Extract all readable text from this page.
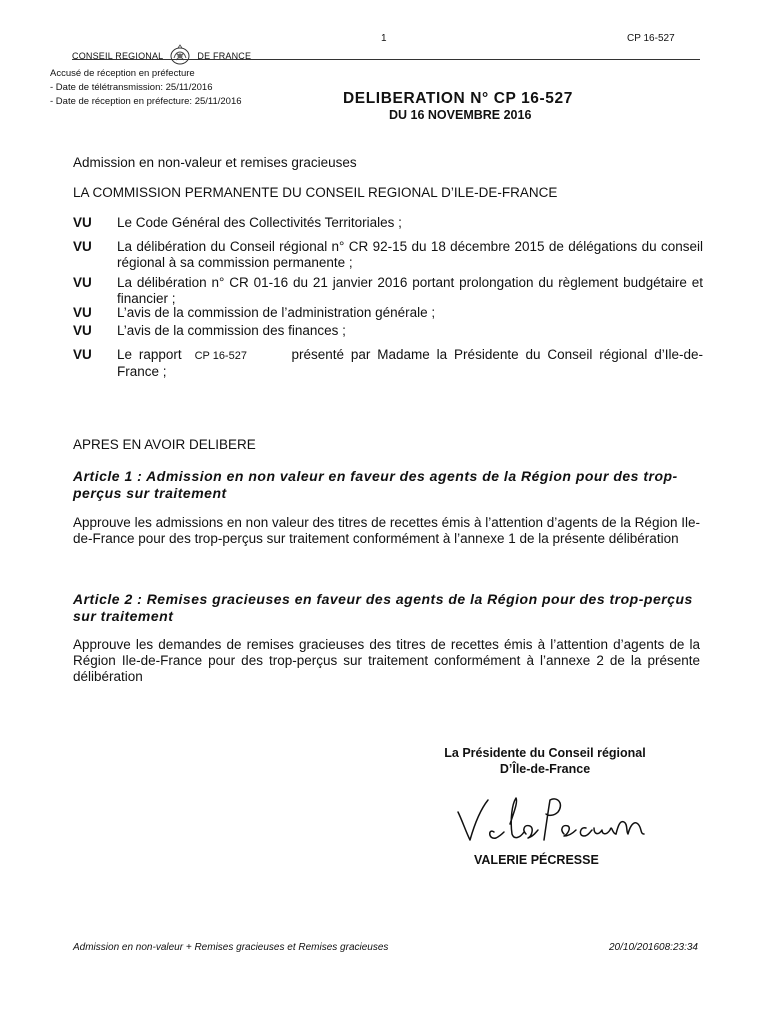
1	CP 16-527
CONSEIL REGIONAL	DE FRANCE
Accusé de réception en préfecture
- Date de télétransmission: 25/11/2016
- Date de réception en préfecture: 25/11/2016	DELIBERATION N° CP 16-527
DU 16 NOVEMBRE 2016
Admission en non-valeur et remises gracieuses
LA COMMISSION PERMANENTE DU CONSEIL REGIONAL D’ILE-DE-FRANCE
VU Le Code Général des Collectivités Territoriales ;
VU La délibération du Conseil régional n° CR 92-15 du 18 décembre 2015 de délégations du conseil régional à sa commission permanente ;
VU La délibération n° CR 01-16 du 21 janvier 2016 portant prolongation du règlement budgétaire et financier ;
VU L’avis de la commission de l’administration générale ;
VU L’avis de la commission des finances ;
VU Le rapport CP 16-527	présenté par Madame la Présidente du Conseil régional d’Ile-de-France ;
APRES EN AVOIR DELIBERE
Article 1 : Admission en non valeur en faveur des agents de la Région pour des trop-perçus sur traitement
Approuve les admissions en non valeur des titres de recettes émis à l’attention d’agents de la Région Ile-de-France pour des trop-perçus sur traitement conformément à l’annexe 1 de la présente délibération
Article 2 : Remises gracieuses en faveur des agents de la Région pour des trop-perçus sur traitement
Approuve les demandes de remises gracieuses des titres de recettes émis à l’attention d’agents de la Région Ile-de-France pour des trop-perçus sur traitement conformément à l’annexe 2 de la présente délibération
La Présidente du Conseil régional
D’Île-de-France
VALERIE PÉCRESSE
Admission en non-valeur + Remises gracieuses et Remises gracieuses	20/10/201608:23:34
